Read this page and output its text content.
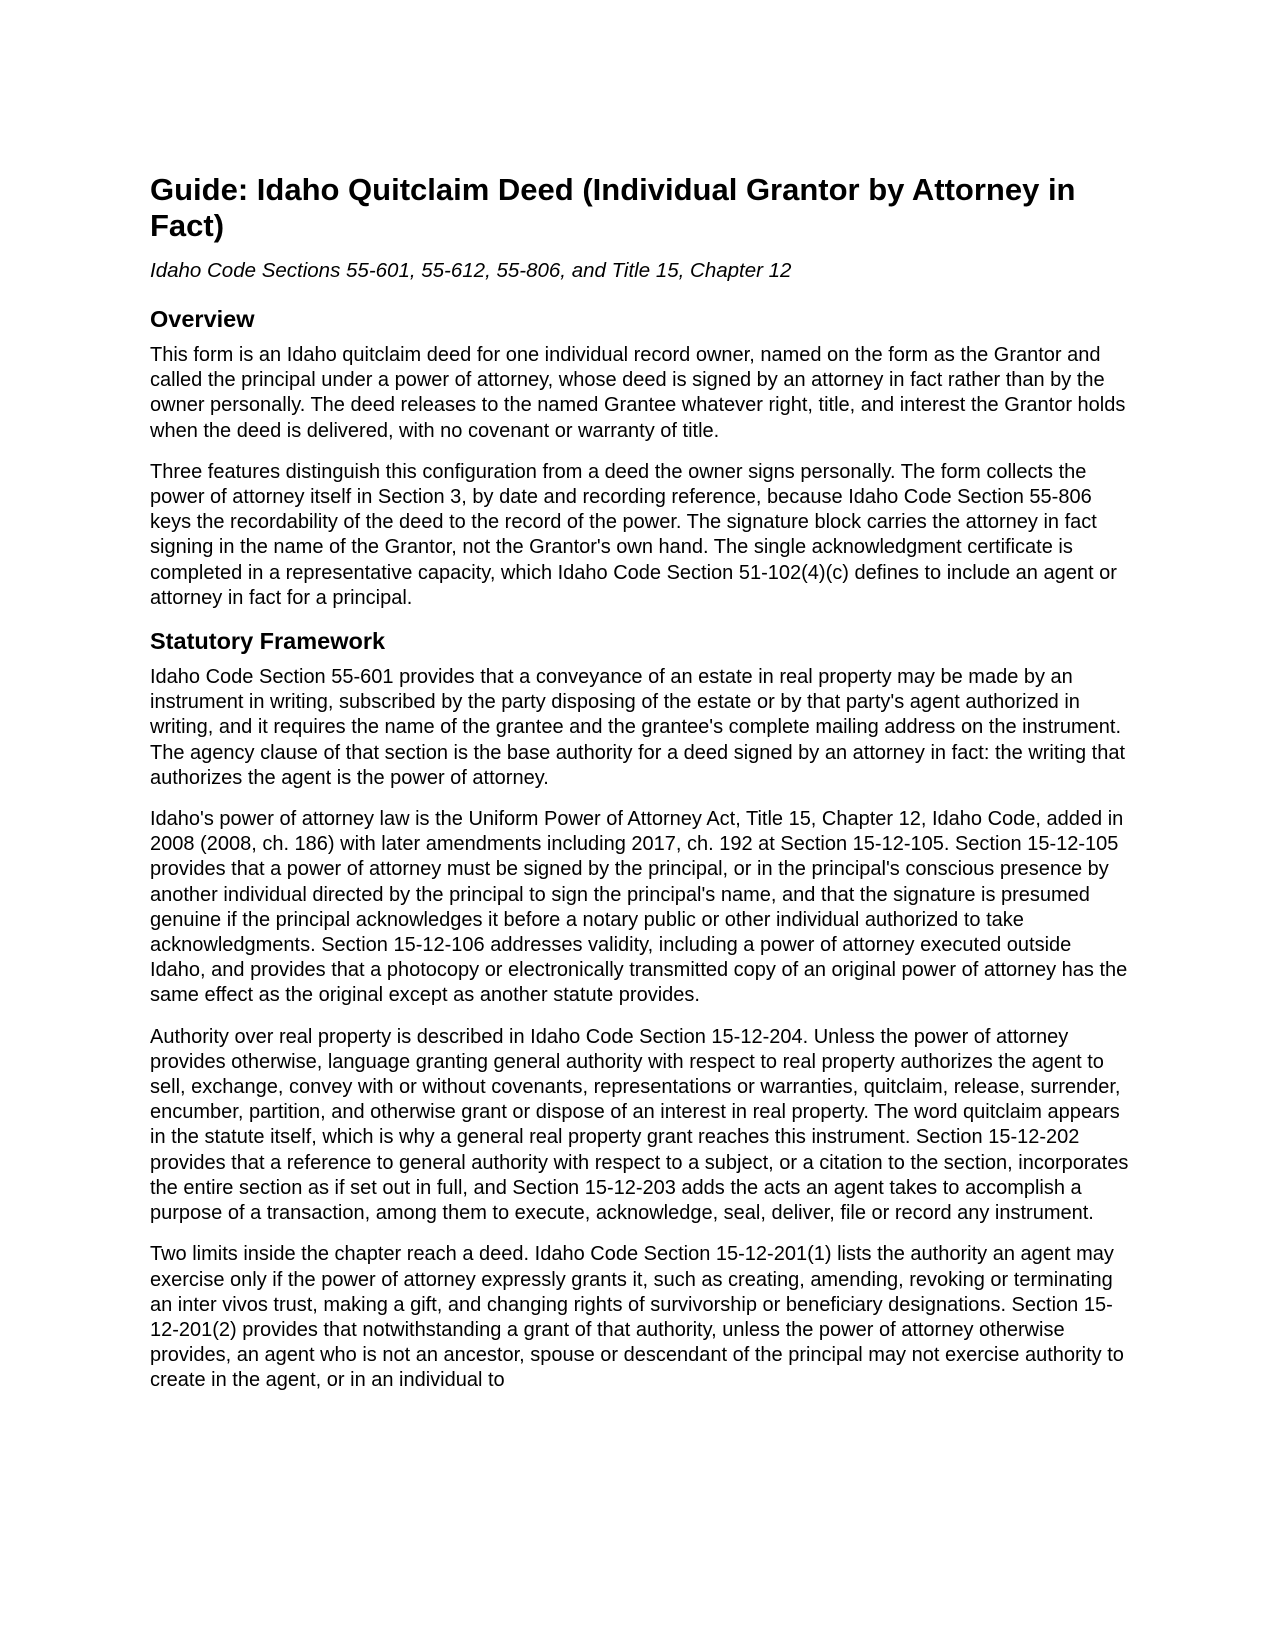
Guide: Idaho Quitclaim Deed (Individual Grantor by Attorney in Fact)
Idaho Code Sections 55-601, 55-612, 55-806, and Title 15, Chapter 12
Overview

This form is an Idaho quitclaim deed for one individual record owner, named on the form as the Grantor and called the principal under a power of attorney, whose deed is signed by an attorney in fact rather than by the owner personally. The deed releases to the named Grantee whatever right, title, and interest the Grantor holds when the deed is delivered, with no covenant or warranty of title.

Three features distinguish this configuration from a deed the owner signs personally. The form collects the power of attorney itself in Section 3, by date and recording reference, because Idaho Code Section 55-806 keys the recordability of the deed to the record of the power. The signature block carries the attorney in fact signing in the name of the Grantor, not the Grantor's own hand. The single acknowledgment certificate is completed in a representative capacity, which Idaho Code Section 51-102(4)(c) defines to include an agent or attorney in fact for a principal.

Statutory Framework

Idaho Code Section 55-601 provides that a conveyance of an estate in real property may be made by an instrument in writing, subscribed by the party disposing of the estate or by that party's agent authorized in writing, and it requires the name of the grantee and the grantee's complete mailing address on the instrument. The agency clause of that section is the base authority for a deed signed by an attorney in fact: the writing that authorizes the agent is the power of attorney.

Idaho's power of attorney law is the Uniform Power of Attorney Act, Title 15, Chapter 12, Idaho Code, added in 2008 (2008, ch. 186) with later amendments including 2017, ch. 192 at Section 15-12-105. Section 15-12-105 provides that a power of attorney must be signed by the principal, or in the principal's conscious presence by another individual directed by the principal to sign the principal's name, and that the signature is presumed genuine if the principal acknowledges it before a notary public or other individual authorized to take acknowledgments. Section 15-12-106 addresses validity, including a power of attorney executed outside Idaho, and provides that a photocopy or electronically transmitted copy of an original power of attorney has the same effect as the original except as another statute provides.

Authority over real property is described in Idaho Code Section 15-12-204. Unless the power of attorney provides otherwise, language granting general authority with respect to real property authorizes the agent to sell, exchange, convey with or without covenants, representations or warranties, quitclaim, release, surrender, encumber, partition, and otherwise grant or dispose of an interest in real property. The word quitclaim appears in the statute itself, which is why a general real property grant reaches this instrument. Section 15-12-202 provides that a reference to general authority with respect to a subject, or a citation to the section, incorporates the entire section as if set out in full, and Section 15-12-203 adds the acts an agent takes to accomplish a purpose of a transaction, among them to execute, acknowledge, seal, deliver, file or record any instrument.

Two limits inside the chapter reach a deed. Idaho Code Section 15-12-201(1) lists the authority an agent may exercise only if the power of attorney expressly grants it, such as creating, amending, revoking or terminating an inter vivos trust, making a gift, and changing rights of survivorship or beneficiary designations. Section 15-12-201(2) provides that notwithstanding a grant of that authority, unless the power of attorney otherwise provides, an agent who is not an ancestor, spouse or descendant of the principal may not exercise authority to create in the agent, or in an individual to
